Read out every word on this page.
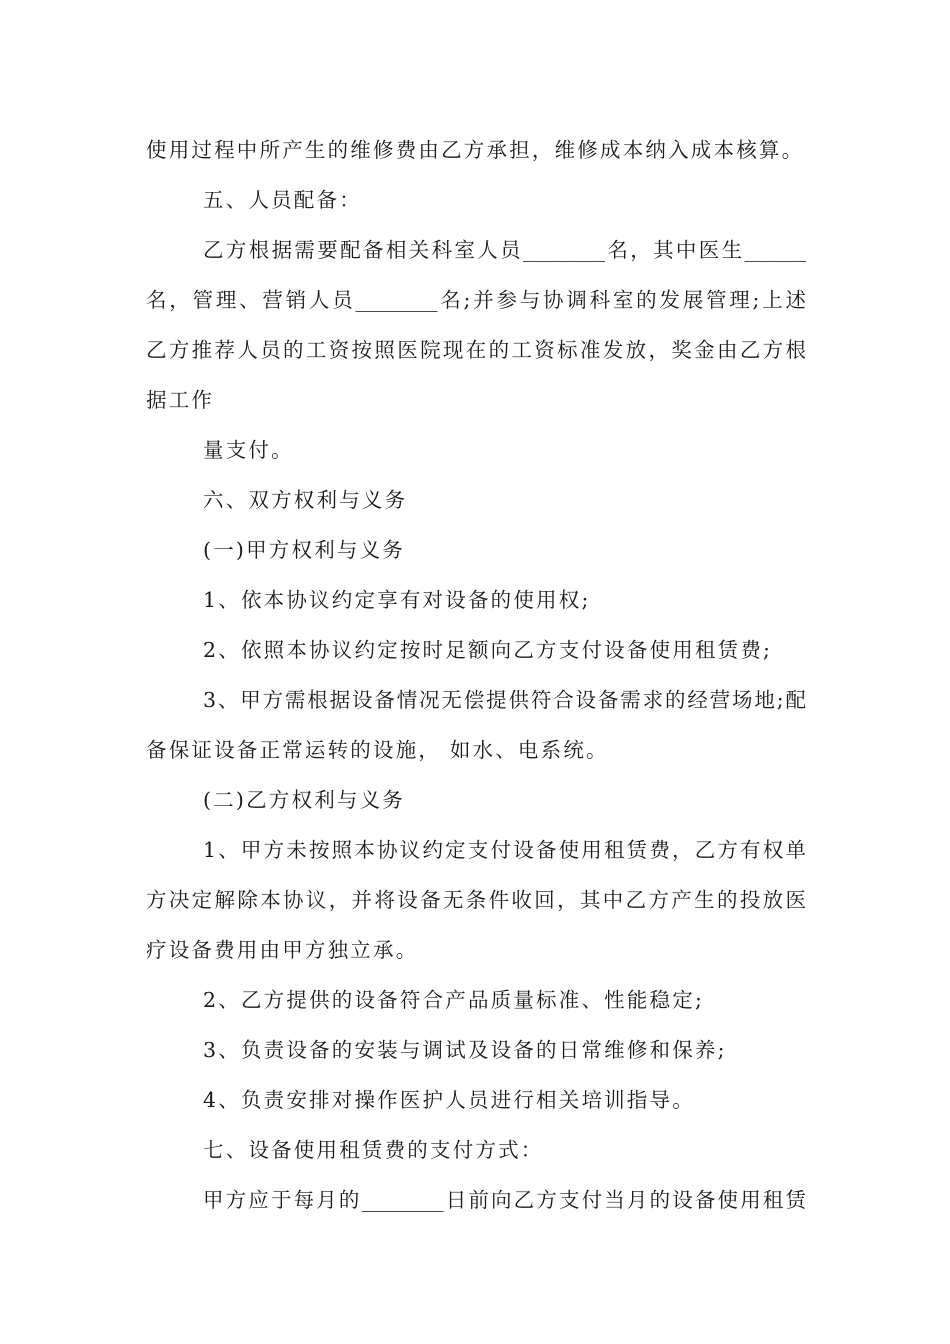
使用过程中所产生的维修费由乙方承担，维修成本纳入成本核算。
五、人员配备：
乙方根据需要配备相关科室人员________名，其中医生______
名，管理、营销人员________名;并参与协调科室的发展管理;上述
乙方推荐人员的工资按照医院现在的工资标准发放，奖金由乙方根
据工作
量支付。
六、双方权利与义务
(一)甲方权利与义务
1、依本协议约定享有对设备的使用权;
2、依照本协议约定按时足额向乙方支付设备使用租赁费;
3、甲方需根据设备情况无偿提供符合设备需求的经营场地;配
备保证设备正常运转的设施， 如水、电系统。
(二)乙方权利与义务
1、甲方未按照本协议约定支付设备使用租赁费，乙方有权单
方决定解除本协议，并将设备无条件收回，其中乙方产生的投放医
疗设备费用由甲方独立承。
2、乙方提供的设备符合产品质量标准、性能稳定;
3、负责设备的安装与调试及设备的日常维修和保养;
4、负责安排对操作医护人员进行相关培训指导。
七、设备使用租赁费的支付方式：
甲方应于每月的________日前向乙方支付当月的设备使用租赁
